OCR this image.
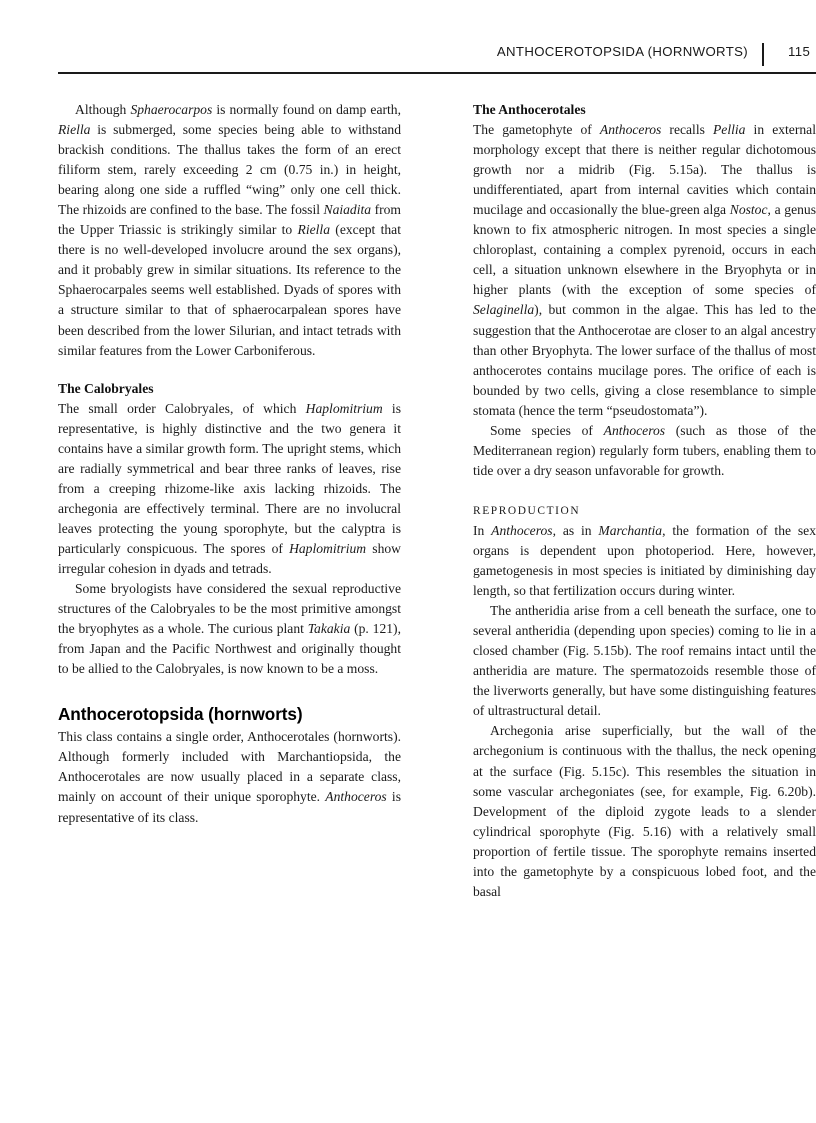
ANTHOCEROTOPSIDA (HORNWORTS)	115

Although Sphaerocarpos is normally found on damp earth, Riella is submerged, some species being able to withstand brackish conditions. The thallus takes the form of an erect filiform stem, rarely exceeding 2 cm (0.75 in.) in height, bearing along one side a ruffled “wing” only one cell thick. The rhizoids are confined to the base. The fossil Naiadita from the Upper Triassic is strikingly similar to Riella (except that there is no well-developed involucre around the sex organs), and it probably grew in similar situations. Its reference to the Sphaerocarpales seems well established. Dyads of spores with a structure similar to that of sphaerocarpalean spores have been described from the lower Silurian, and intact tetrads with similar features from the Lower Carboniferous.

The Calobryales

The small order Calobryales, of which Haplomitrium is representative, is highly distinctive and the two genera it contains have a similar growth form. The upright stems, which are radially symmetrical and bear three ranks of leaves, rise from a creeping rhizome-like axis lacking rhizoids. The archegonia are effectively terminal. There are no involucral leaves protecting the young sporophyte, but the calyptra is particularly conspicuous. The spores of Haplomitrium show irregular cohesion in dyads and tetrads.

Some bryologists have considered the sexual reproductive structures of the Calobryales to be the most primitive amongst the bryophytes as a whole. The curious plant Takakia (p. 121), from Japan and the Pacific Northwest and originally thought to be allied to the Calobryales, is now known to be a moss.

Anthocerotopsida (hornworts)

This class contains a single order, Anthocerotales (hornworts). Although formerly included with Marchantiopsida, the Anthocerotales are now usually placed in a separate class, mainly on account of their unique sporophyte. Anthoceros is representative of its class.

The Anthocerotales

The gametophyte of Anthoceros recalls Pellia in external morphology except that there is neither regular dichotomous growth nor a midrib (Fig. 5.15a). The thallus is undifferentiated, apart from internal cavities which contain mucilage and occasionally the blue-green alga Nostoc, a genus known to fix atmospheric nitrogen. In most species a single chloroplast, containing a complex pyrenoid, occurs in each cell, a situation unknown elsewhere in the Bryophyta or in higher plants (with the exception of some species of Selaginella), but common in the algae. This has led to the suggestion that the Anthocerotae are closer to an algal ancestry than other Bryophyta. The lower surface of the thallus of most anthocerotes contains mucilage pores. The orifice of each is bounded by two cells, giving a close resemblance to simple stomata (hence the term “pseudostomata”).

Some species of Anthoceros (such as those of the Mediterranean region) regularly form tubers, enabling them to tide over a dry season unfavorable for growth.

REPRODUCTION

In Anthoceros, as in Marchantia, the formation of the sex organs is dependent upon photoperiod. Here, however, gametogenesis in most species is initiated by diminishing day length, so that fertilization occurs during winter.

The antheridia arise from a cell beneath the surface, one to several antheridia (depending upon species) coming to lie in a closed chamber (Fig. 5.15b). The roof remains intact until the antheridia are mature. The spermatozoids resemble those of the liverworts generally, but have some distinguishing features of ultrastructural detail.

Archegonia arise superficially, but the wall of the archegonium is continuous with the thallus, the neck opening at the surface (Fig. 5.15c). This resembles the situation in some vascular archegoniates (see, for example, Fig. 6.20b). Development of the diploid zygote leads to a slender cylindrical sporophyte (Fig. 5.16) with a relatively small proportion of fertile tissue. The sporophyte remains inserted into the gametophyte by a conspicuous lobed foot, and the basal
